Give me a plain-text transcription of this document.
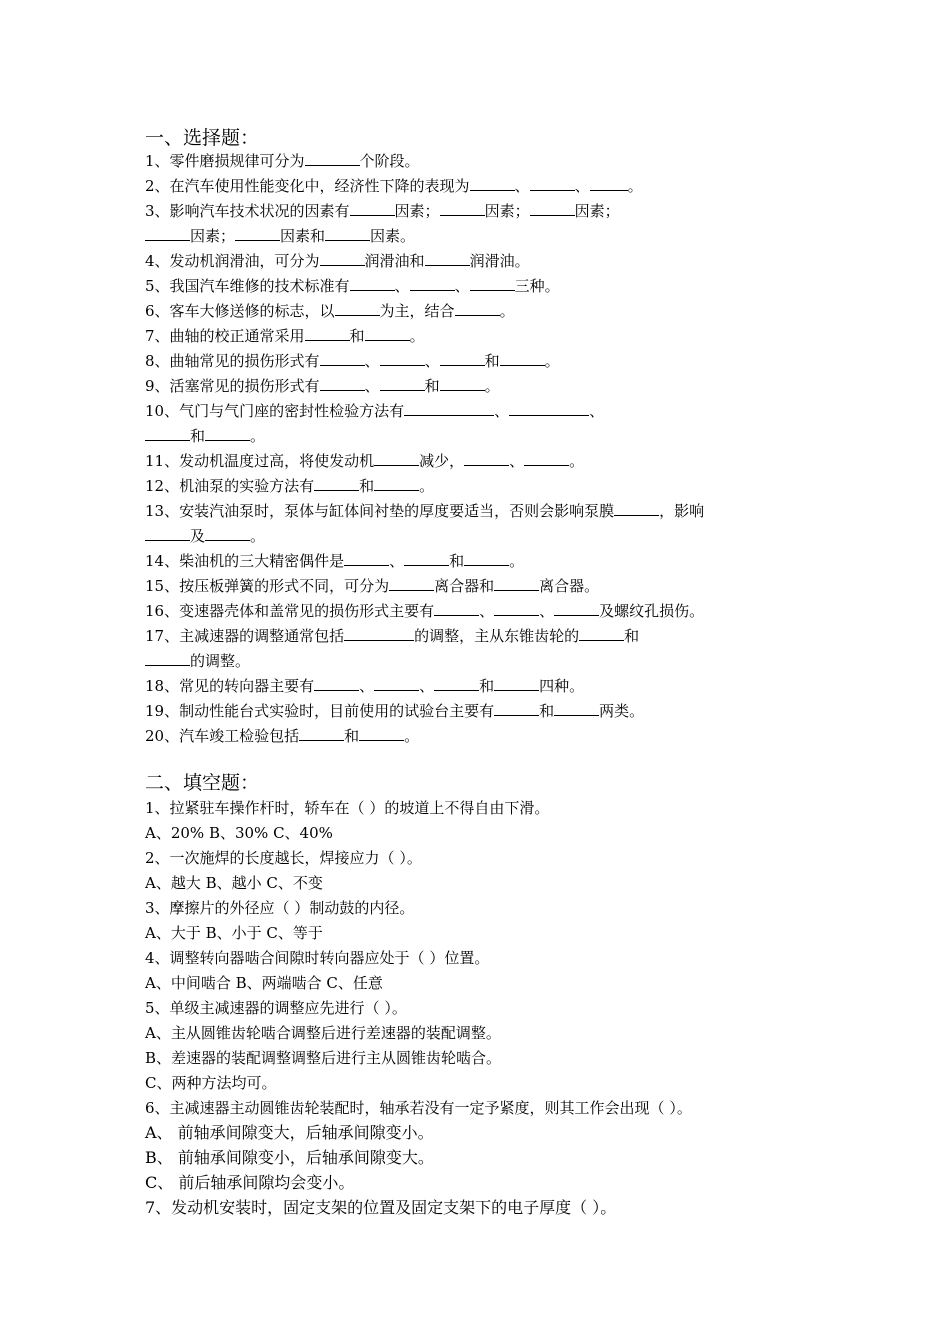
一、选择题：
1、零件磨损规律可分为	个阶段。
2、在汽车使用性能变化中，经济性下降的表现为	、	、	。
3、影响汽车技术状况的因素有	因素；	因素；	因素；
因素；	因素和	因素。
4、发动机润滑油，可分为	润滑油和	润滑油。
5、我国汽车维修的技术标准有	、	、	三种。
6、客车大修送修的标志，以	为主，结合	。
7、曲轴的校正通常采用	和	。
8、曲轴常见的损伤形式有	、	、	和	。
9、活塞常见的损伤形式有	、	和	。
10、气门与气门座的密封性检验方法有	、	、
和	。
11、发动机温度过高，将使发动机	减少，	、	。
12、机油泵的实验方法有	和	。
13、安装汽油泵时，泵体与缸体间衬垫的厚度要适当，否则会影响泵膜	，影响
及	。
14、柴油机的三大精密偶件是	、	和	。
15、按压板弹簧的形式不同，可分为	离合器和	离合器。
16、变速器壳体和盖常见的损伤形式主要有	、	、	及螺纹孔损伤。
17、主减速器的调整通常包括	的调整，主从东锥齿轮的	和
的调整。
18、常见的转向器主要有	、	、	和	四种。
19、制动性能台式实验时，目前使用的试验台主要有	和	两类。
20、汽车竣工检验包括	和	。
二、填空题：
1、拉紧驻车操作杆时，轿车在（ ）的坡道上不得自由下滑。
A、20% B、30% C、40%
2、一次施焊的长度越长，焊接应力（ ）。
A、越大 B、越小 C、不变
3、摩擦片的外径应（ ）制动鼓的内径。
A、大于 B、小于 C、等于
4、调整转向器啮合间隙时转向器应处于（ ）位置。
A、中间啮合 B、两端啮合 C、任意
5、单级主减速器的调整应先进行（ ）。
A、主从圆锥齿轮啮合调整后进行差速器的装配调整。
B、差速器的装配调整调整后进行主从圆锥齿轮啮合。
C、两种方法均可。
6、主减速器主动圆锥齿轮装配时，轴承若没有一定予紧度，则其工作会出现（ ）。
A、 前轴承间隙变大，后轴承间隙变小。
B、 前轴承间隙变小，后轴承间隙变大。
C、 前后轴承间隙均会变小。
7、发动机安装时，固定支架的位置及固定支架下的电子厚度（ ）。
